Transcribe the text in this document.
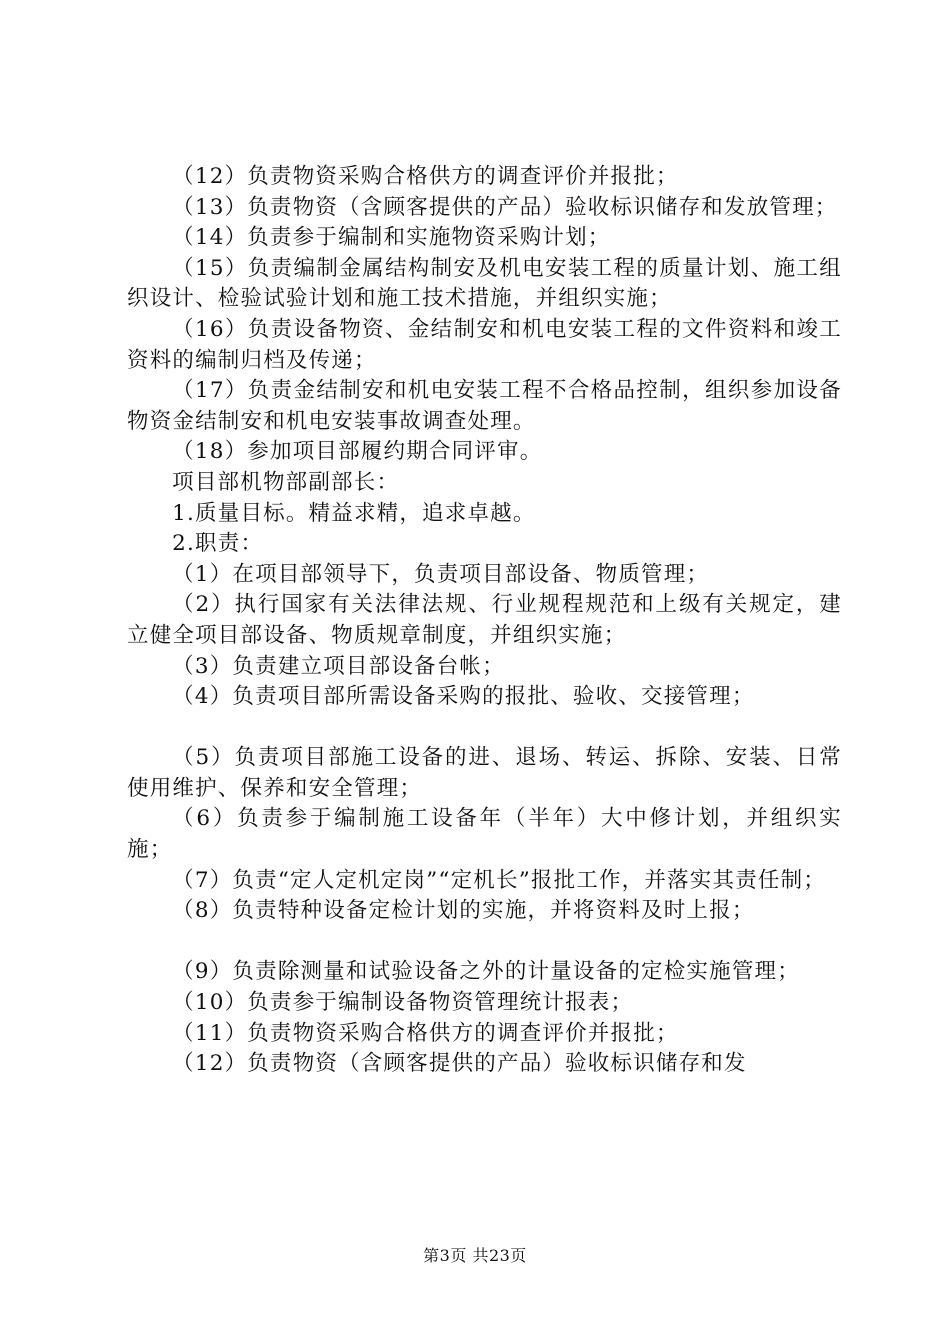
（12）负责物资采购合格供方的调查评价并报批；

（13）负责物资（含顾客提供的产品）验收标识储存和发放管理；

（14）负责参于编制和实施物资采购计划；

（15）负责编制金属结构制安及机电安装工程的质量计划、施工组织设计、检验试验计划和施工技术措施，并组织实施；

（16）负责设备物资、金结制安和机电安装工程的文件资料和竣工资料的编制归档及传递；

（17）负责金结制安和机电安装工程不合格品控制，组织参加设备物资金结制安和机电安装事故调查处理。

（18）参加项目部履约期合同评审。

项目部机物部副部长：

1.质量目标。精益求精，追求卓越。

2.职责：

（1）在项目部领导下，负责项目部设备、物质管理；

（2）执行国家有关法律法规、行业规程规范和上级有关规定，建立健全项目部设备、物质规章制度，并组织实施；

（3）负责建立项目部设备台帐；

（4）负责项目部所需设备采购的报批、验收、交接管理；

（5）负责项目部施工设备的进、退场、转运、拆除、安装、日常使用维护、保养和安全管理；

（6）负责参于编制施工设备年（半年）大中修计划，并组织实施；

（7）负责“定人定机定岗”“定机长”报批工作，并落实其责任制；

（8）负责特种设备定检计划的实施，并将资料及时上报；

（9）负责除测量和试验设备之外的计量设备的定检实施管理；

（10）负责参于编制设备物资管理统计报表；

（11）负责物资采购合格供方的调查评价并报批；

（12）负责物资（含顾客提供的产品）验收标识储存和发

第3页 共23页
